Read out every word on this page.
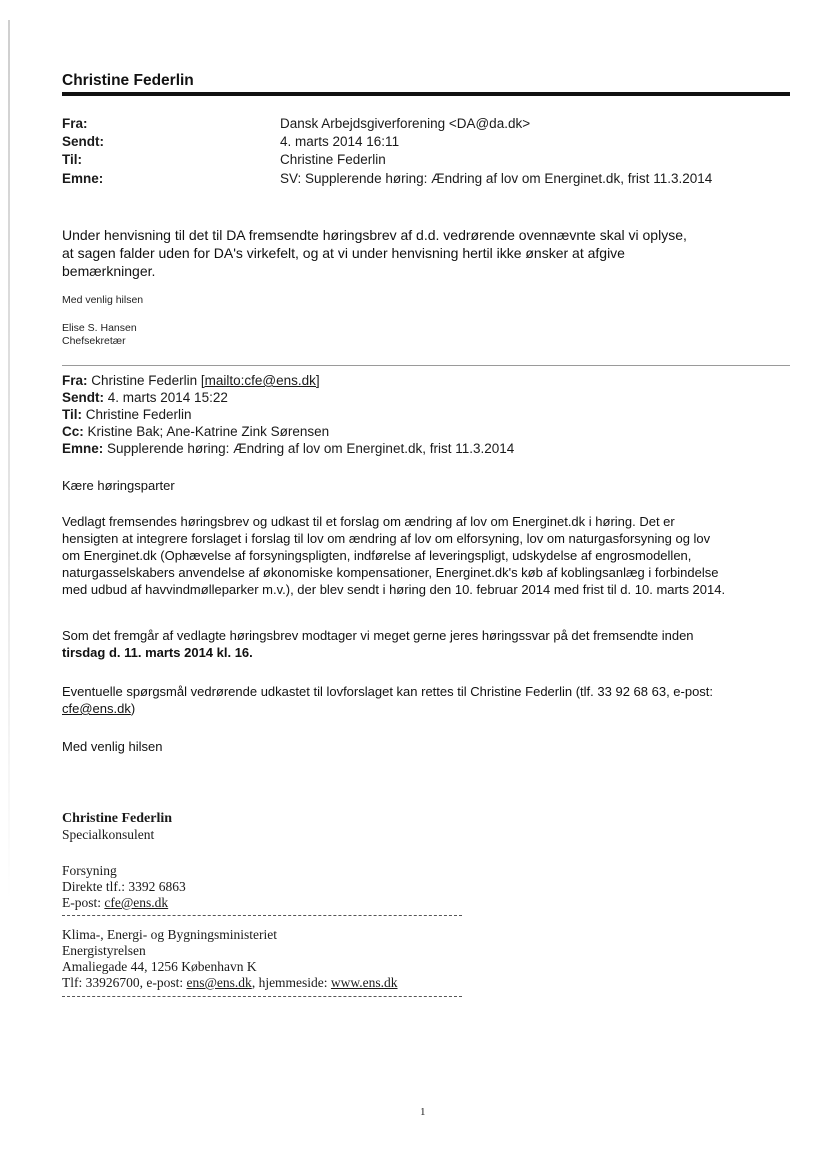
Christine Federlin
Fra:	Dansk Arbejdsgiverforening <DA@da.dk>
Sendt:	4. marts 2014 16:11
Til:	Christine Federlin
Emne:	SV: Supplerende høring: Ændring af lov om Energinet.dk, frist 11.3.2014
Under henvisning til det til DA fremsendte høringsbrev af d.d. vedrørende ovennævnte skal vi oplyse,
at sagen falder uden for DA's virkefelt, og at vi under henvisning hertil ikke ønsker at afgive
bemærkninger.
Med venlig hilsen
Elise S. Hansen
Chefsekretær
Fra: Christine Federlin [mailto:cfe@ens.dk]
Sendt: 4. marts 2014 15:22
Til: Christine Federlin
Cc: Kristine Bak; Ane-Katrine Zink Sørensen
Emne: Supplerende høring: Ændring af lov om Energinet.dk, frist 11.3.2014
Kære høringsparter
Vedlagt fremsendes høringsbrev og udkast til et forslag om ændring af lov om Energinet.dk i høring. Det er
hensigten at integrere forslaget i forslag til lov om ændring af lov om elforsyning, lov om naturgasforsyning og lov
om Energinet.dk (Ophævelse af forsyningspligten, indførelse af leveringspligt, udskydelse af engrosmodellen,
naturgasselskabers anvendelse af økonomiske kompensationer, Energinet.dk's køb af koblingsanlæg i forbindelse
med udbud af havvindmølleparker m.v.), der blev sendt i høring den 10. februar 2014 med frist til d. 10. marts 2014.
Som det fremgår af vedlagte høringsbrev modtager vi meget gerne jeres høringssvar på det fremsendte inden
tirsdag d. 11. marts 2014 kl. 16.
Eventuelle spørgsmål vedrørende udkastet til lovforslaget kan rettes til Christine Federlin (tlf. 33 92 68 63, e-post:
cfe@ens.dk)
Med venlig hilsen
Christine Federlin
Specialkonsulent
Forsyning
Direkte tlf.: 3392 6863
E-post: cfe@ens.dk
Klima-, Energi- og Bygningsministeriet
Energistyrelsen
Amaliegade 44, 1256 København K
Tlf: 33926700, e-post: ens@ens.dk, hjemmeside: www.ens.dk
1
